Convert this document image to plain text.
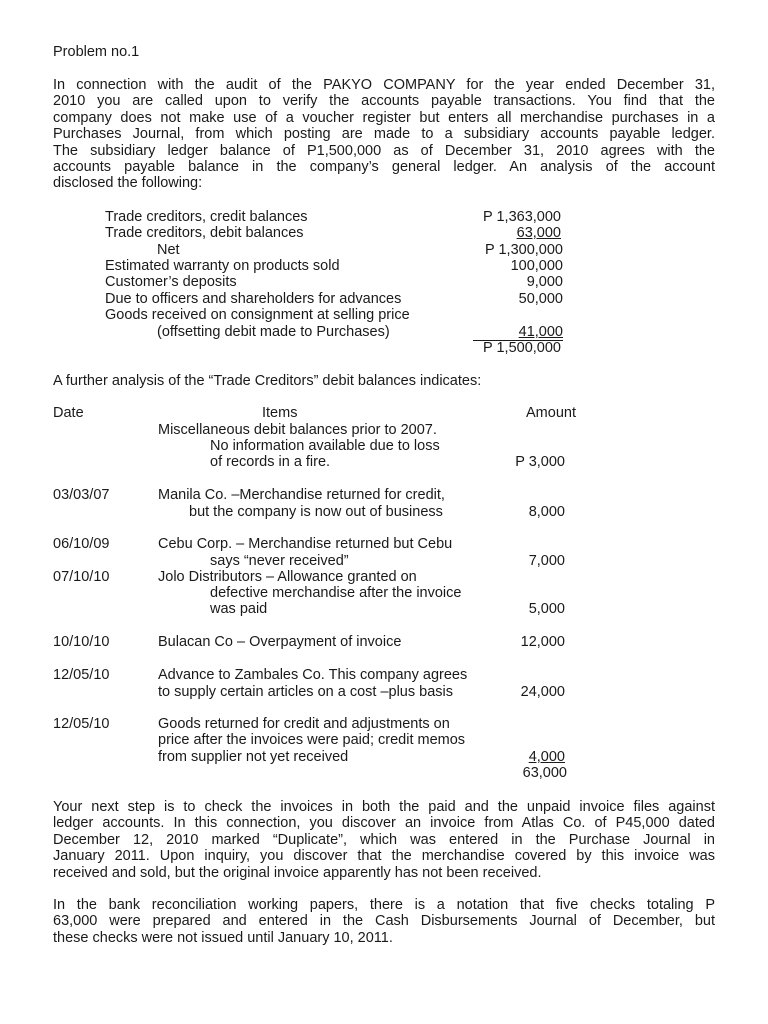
Problem no.1
In connection with the audit of the PAKYO COMPANY for the year ended December 31,
2010 you are called upon to verify the accounts payable transactions. You find that the
company does not make use of a voucher register but enters all merchandise purchases in a
Purchases Journal, from which posting are made to a subsidiary accounts payable ledger.
The subsidiary ledger balance of P1,500,000 as of December 31, 2010 agrees with the
accounts payable balance in the company’s general ledger. An analysis of the account
disclosed the following:
Trade creditors, credit balances	P 1,363,000
Trade creditors, debit balances	63,000
Net	P 1,300,000
Estimated warranty on products sold	100,000
Customer’s deposits	9,000
Due to officers and shareholders for advances	50,000
Goods received on consignment at selling price
(offsetting debit made to Purchases)	41,000
P 1,500,000
A further analysis of the “Trade Creditors” debit balances indicates:
Date	Items	Amount
Miscellaneous debit balances prior to 2007.
No information available due to loss
of records in a fire.	P 3,000
03/03/07	Manila Co. –Merchandise returned for credit,
but the company is now out of business	8,000
06/10/09	Cebu Corp. – Merchandise returned but Cebu
says “never received”	7,000
07/10/10	Jolo Distributors – Allowance granted on
defective merchandise after the invoice
was paid	5,000
10/10/10	Bulacan Co – Overpayment of invoice	12,000
12/05/10	Advance to Zambales Co. This company agrees
to supply certain articles on a cost –plus basis	24,000
12/05/10	Goods returned for credit and adjustments on
price after the invoices were paid; credit memos
from supplier not yet received	4,000
63,000
Your next step is to check the invoices in both the paid and the unpaid invoice files against
ledger accounts. In this connection, you discover an invoice from Atlas Co. of P45,000 dated
December 12, 2010 marked “Duplicate”, which was entered in the Purchase Journal in
January 2011. Upon inquiry, you discover that the merchandise covered by this invoice was
received and sold, but the original invoice apparently has not been received.
In the bank reconciliation working papers, there is a notation that five checks totaling P
63,000 were prepared and entered in the Cash Disbursements Journal of December, but
these checks were not issued until January 10, 2011.
